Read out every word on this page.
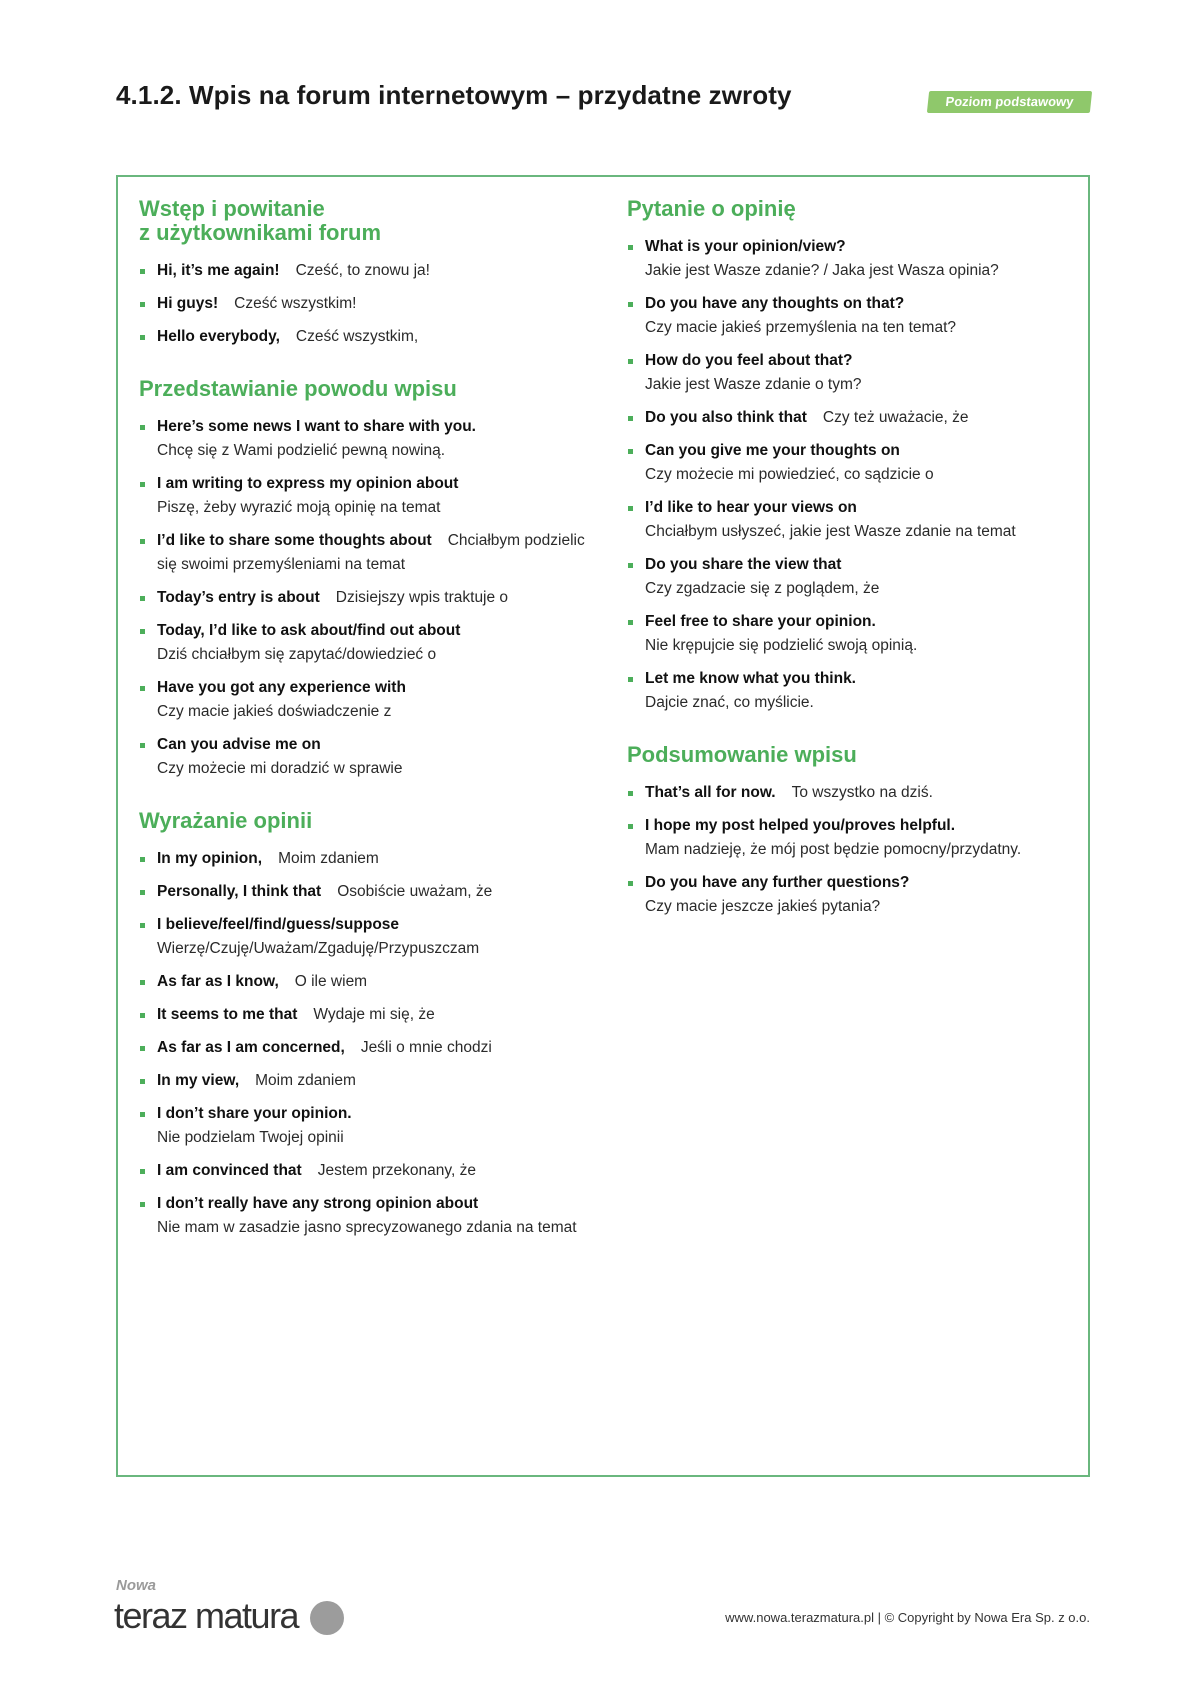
4.1.2. Wpis na forum internetowym – przydatne zwroty	Poziom podstawowy
Wstęp i powitanie
z użytkownikami forum
Hi, it’s me again! Cześć, to znowu ja!
Hi guys! Cześć wszystkim!
Hello everybody, Cześć wszystkim,
Przedstawianie powodu wpisu
Here’s some news I want to share with you.
Chcę się z Wami podzielić pewną nowiną.
I am writing to express my opinion about
Piszę, żeby wyrazić moją opinię na temat
I’d like to share some thoughts about Chciałbym podzielic się swoimi przemyśleniami na temat
Today’s entry is about Dzisiejszy wpis traktuje o
Today, I’d like to ask about/find out about
Dziś chciałbym się zapytać/dowiedzieć o
Have you got any experience with
Czy macie jakieś doświadczenie z
Can you advise me on
Czy możecie mi doradzić w sprawie
Wyrażanie opinii
In my opinion, Moim zdaniem
Personally, I think that Osobiście uważam, że
I believe/feel/find/guess/suppose
Wierzę/Czuję/Uważam/Zgaduję/Przypuszczam
As far as I know, O ile wiem
It seems to me that Wydaje mi się, że
As far as I am concerned, Jeśli o mnie chodzi
In my view, Moim zdaniem
I don’t share your opinion.
Nie podzielam Twojej opinii
I am convinced that Jestem przekonany, że
I don’t really have any strong opinion about
Nie mam w zasadzie jasno sprecyzowanego zdania na temat
Pytanie o opinię
What is your opinion/view?
Jakie jest Wasze zdanie? / Jaka jest Wasza opinia?
Do you have any thoughts on that?
Czy macie jakieś przemyślenia na ten temat?
How do you feel about that?
Jakie jest Wasze zdanie o tym?
Do you also think that Czy też uważacie, że
Can you give me your thoughts on
Czy możecie mi powiedzieć, co sądzicie o
I’d like to hear your views on
Chciałbym usłyszeć, jakie jest Wasze zdanie na temat
Do you share the view that
Czy zgadzacie się z poglądem, że
Feel free to share your opinion.
Nie krępujcie się podzielić swoją opinią.
Let me know what you think.
Dajcie znać, co myślicie.
Podsumowanie wpisu
That’s all for now. To wszystko na dziś.
I hope my post helped you/proves helpful.
Mam nadzieję, że mój post będzie pomocny/przydatny.
Do you have any further questions?
Czy macie jeszcze jakieś pytania?
Nowa
teraz matura	www.nowa.terazmatura.pl | © Copyright by Nowa Era Sp. z o.o.
